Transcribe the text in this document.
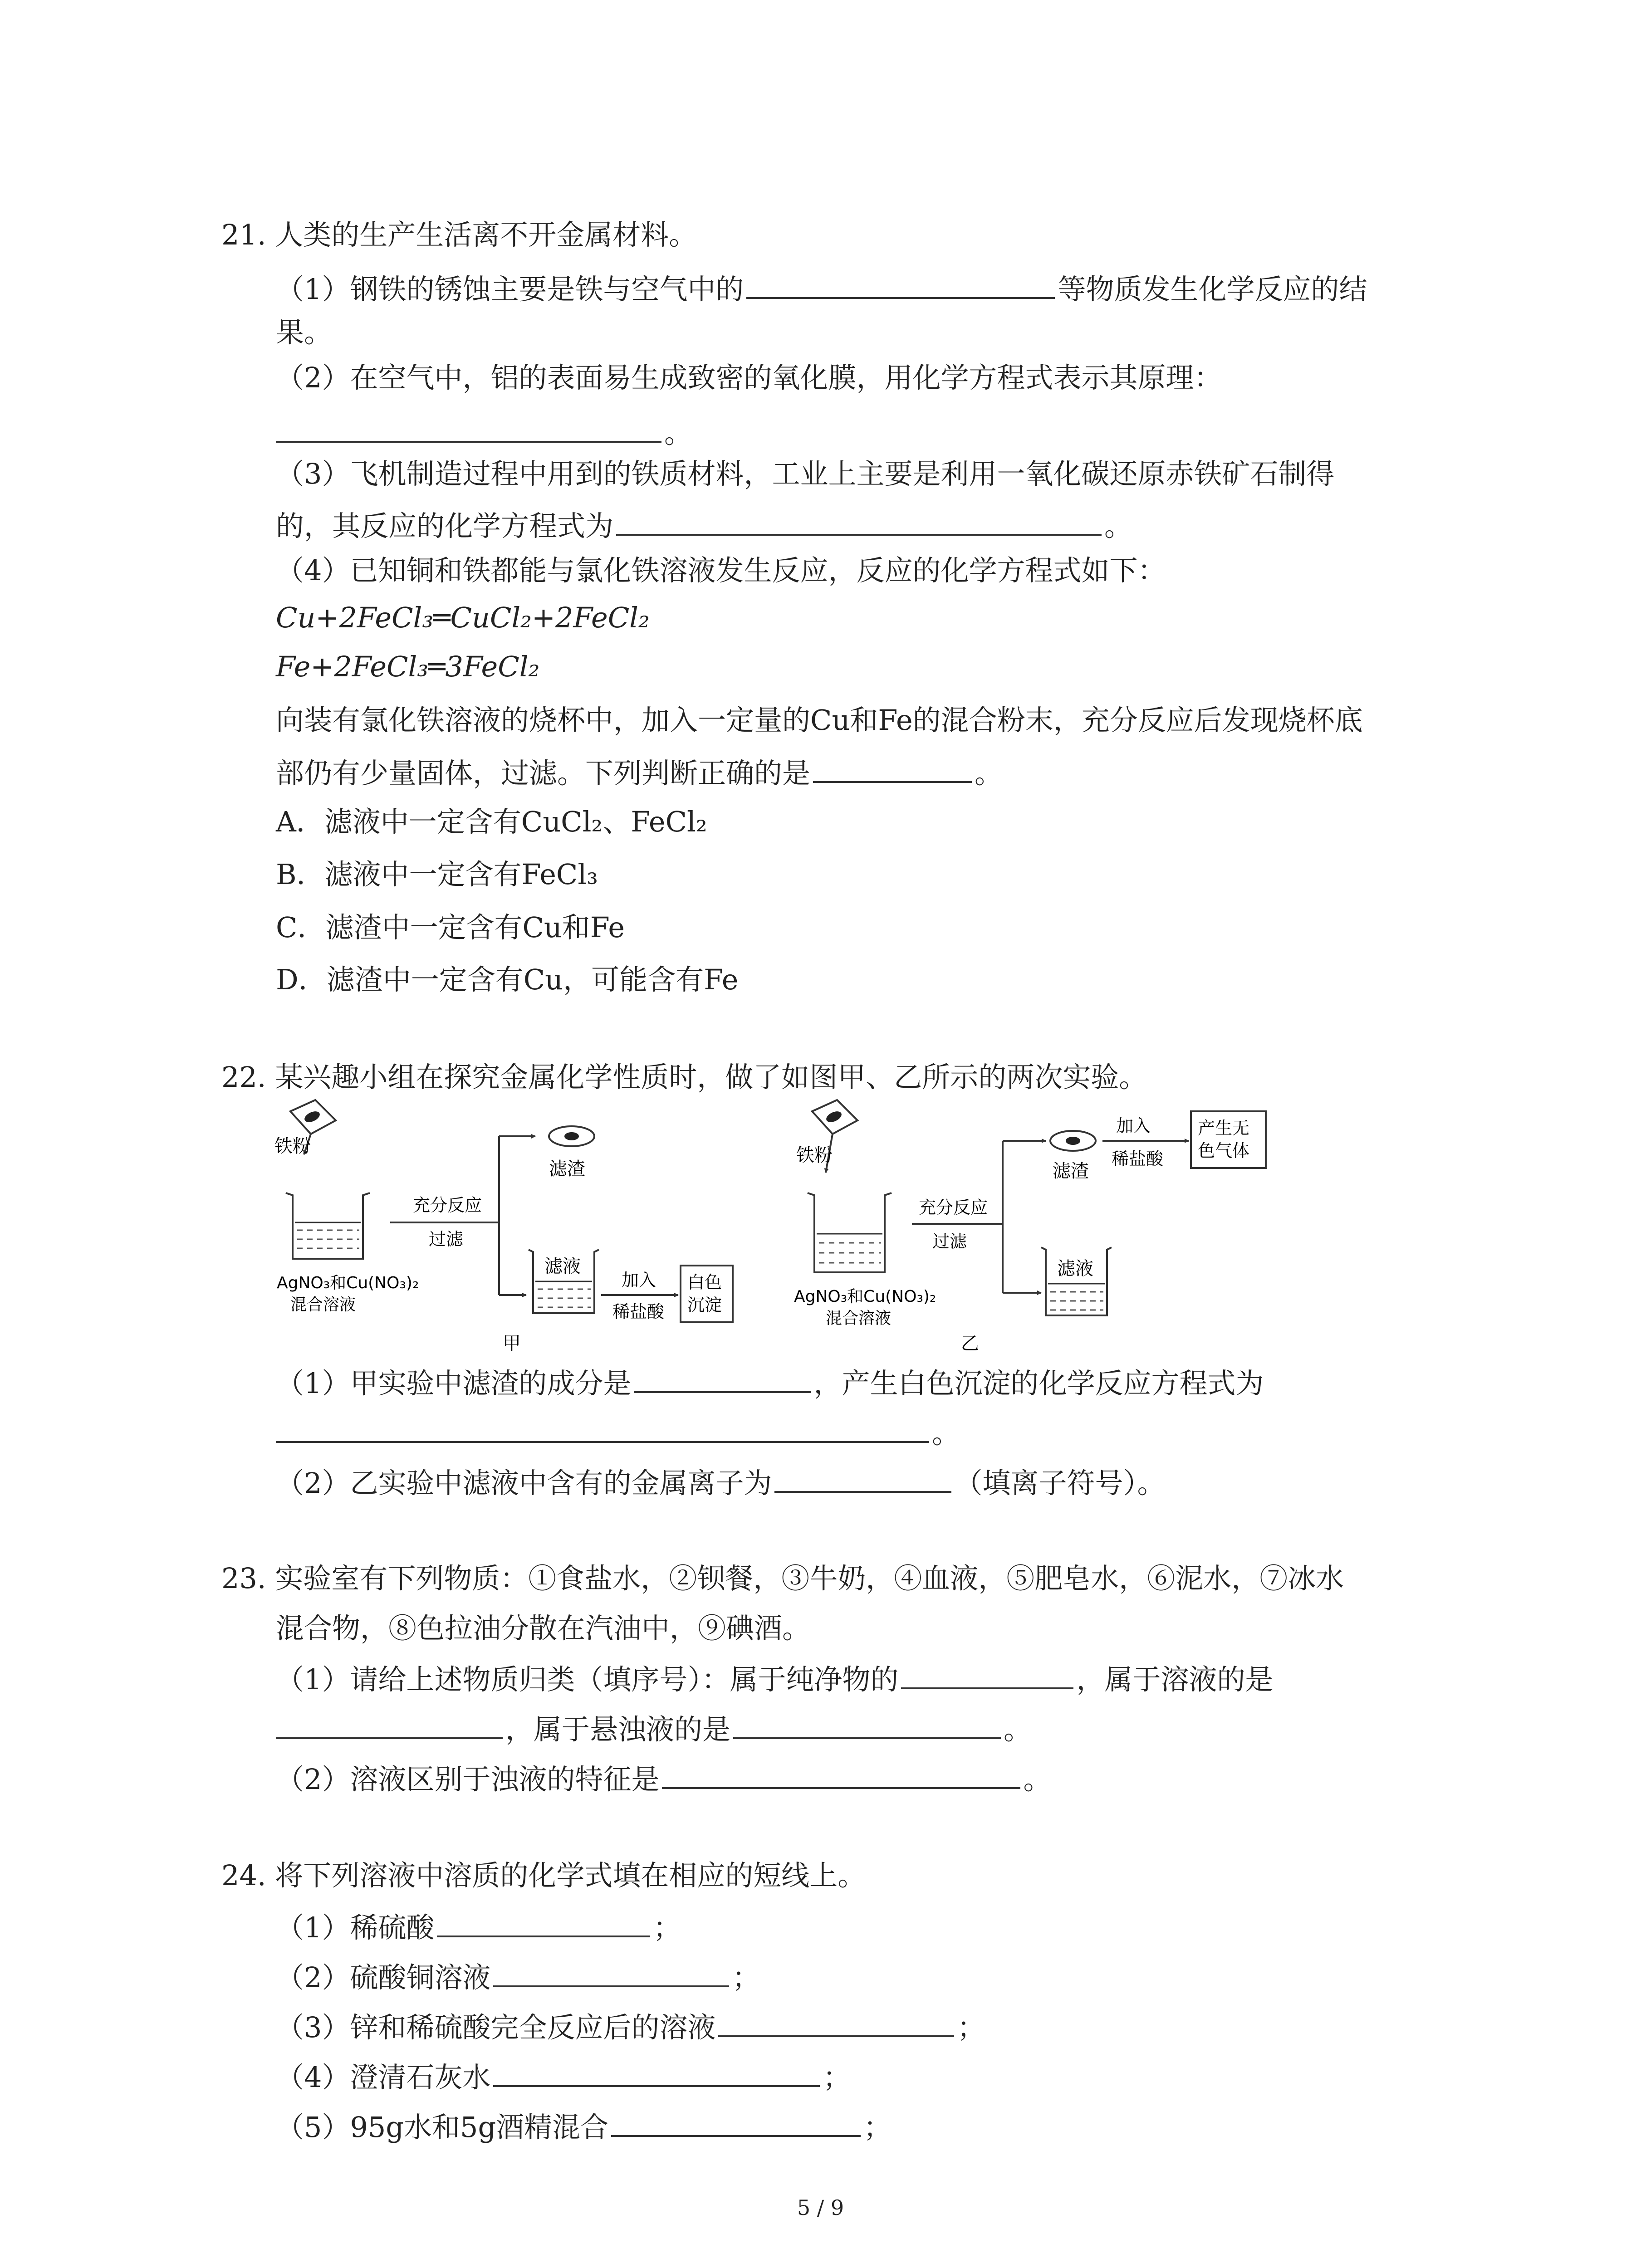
21. 人类的生产生活离不开金属材料。
（1）钢铁的锈蚀主要是铁与空气中的	等物质发生化学反应的结
果。
（2）在空气中，铝的表面易生成致密的氧化膜，用化学方程式表示其原理：
。
（3）飞机制造过程中用到的铁质材料，工业上主要是利用一氧化碳还原赤铁矿石制得
的，其反应的化学方程式为	。
（4）已知铜和铁都能与氯化铁溶液发生反应，反应的化学方程式如下：
Cu+2FeCl₃═CuCl₂+2FeCl₂
Fe+2FeCl₃═3FeCl₂
向装有氯化铁溶液的烧杯中，加入一定量的Cu和Fe的混合粉末，充分反应后发现烧杯底
部仍有少量固体，过滤。下列判断正确的是	。
A．滤液中一定含有CuCl₂、FeCl₂
B．滤液中一定含有FeCl₃
C．滤渣中一定含有Cu和Fe
D．滤渣中一定含有Cu，可能含有Fe
22. 某兴趣小组在探究金属化学性质时，做了如图甲、乙所示的两次实验。
铁粉
AgNO₃和Cu(NO₃)₂
混合溶液
充分反应
过滤
滤渣
滤液
加入
稀盐酸
白色
沉淀
甲
铁粉
AgNO₃和Cu(NO₃)₂
混合溶液
充分反应
过滤
滤渣
加入
稀盐酸
产生无
色气体
滤液
乙
（1）甲实验中滤渣的成分是	，产生白色沉淀的化学反应方程式为
。
（2）乙实验中滤液中含有的金属离子为	（填离子符号）。
23. 实验室有下列物质：①食盐水，②钡餐，③牛奶，④血液，⑤肥皂水，⑥泥水，⑦冰水
混合物，⑧色拉油分散在汽油中，⑨碘酒。
（1）请给上述物质归类（填序号）：属于纯净物的	，属于溶液的是
，属于悬浊液的是	。
（2）溶液区别于浊液的特征是	。
24. 将下列溶液中溶质的化学式填在相应的短线上。
（1）稀硫酸	；
（2）硫酸铜溶液	；
（3）锌和稀硫酸完全反应后的溶液	；
（4）澄清石灰水	；
（5）95g水和5g酒精混合	；
5 / 9
